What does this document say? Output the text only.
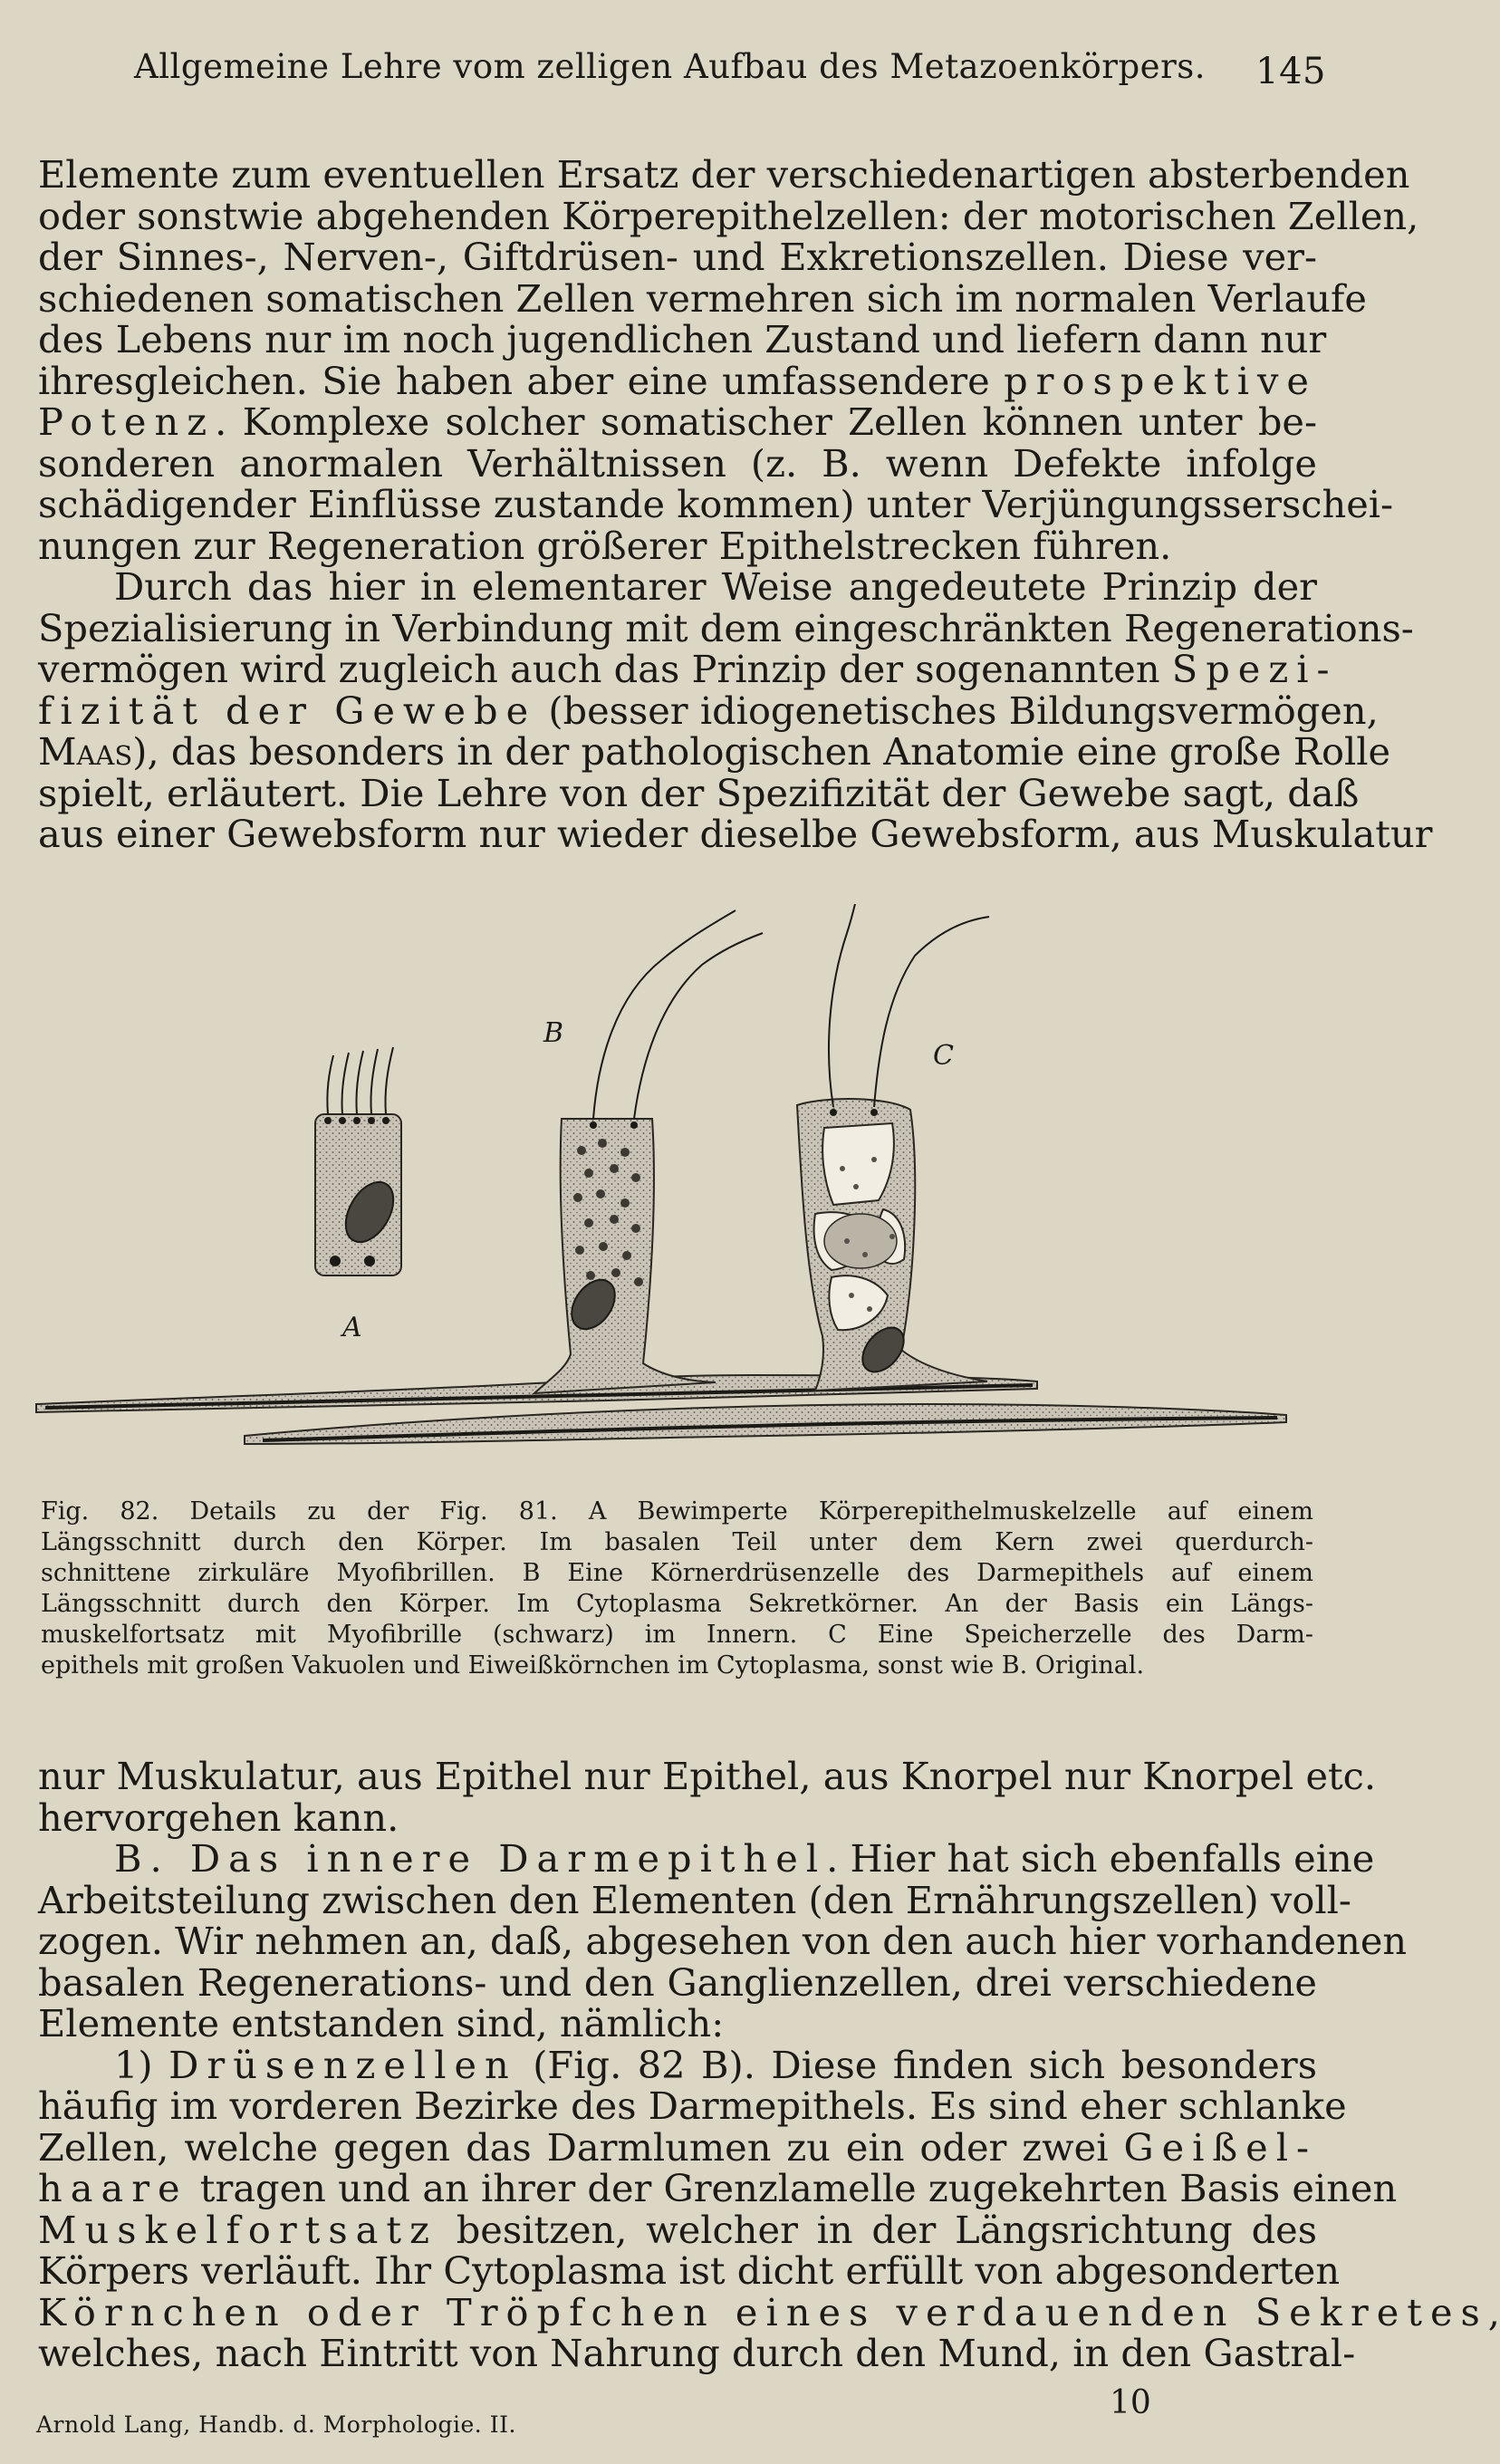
Allgemeine Lehre vom zelligen Aufbau des Metazoenkörpers. 145
Elemente zum eventuellen Ersatz der verschiedenartigen absterbenden
oder sonstwie abgehenden Körperepithelzellen: der motorischen Zellen,
der Sinnes-, Nerven-, Giftdrüsen- und Exkretionszellen. Diese ver-
schiedenen somatischen Zellen vermehren sich im normalen Verlaufe
des Lebens nur im noch jugendlichen Zustand und liefern dann nur
ihresgleichen. Sie haben aber eine umfassendere prospektive
Potenz. Komplexe solcher somatischer Zellen können unter be-
sonderen anormalen Verhältnissen (z. B. wenn Defekte infolge
schädigender Einflüsse zustande kommen) unter Verjüngungsserschei-
nungen zur Regeneration größerer Epithelstrecken führen.
Durch das hier in elementarer Weise angedeutete Prinzip der
Spezialisierung in Verbindung mit dem eingeschränkten Regenerations-
vermögen wird zugleich auch das Prinzip der sogenannten Spezi-
fizität der Gewebe (besser idiogenetisches Bildungsvermögen,
Maas), das besonders in der pathologischen Anatomie eine große Rolle
spielt, erläutert. Die Lehre von der Spezifizität der Gewebe sagt, daß
aus einer Gewebsform nur wieder dieselbe Gewebsform, aus Muskulatur
A
B
C
Fig. 82. Details zu der Fig. 81. A Bewimperte Körperepithelmuskelzelle auf einem
Längsschnitt durch den Körper. Im basalen Teil unter dem Kern zwei querdurch-
schnittene zirkuläre Myofibrillen. B Eine Körnerdrüsenzelle des Darmepithels auf einem
Längsschnitt durch den Körper. Im Cytoplasma Sekretkörner. An der Basis ein Längs-
muskelfortsatz mit Myofibrille (schwarz) im Innern. C Eine Speicherzelle des Darm-
epithels mit großen Vakuolen und Eiweißkörnchen im Cytoplasma, sonst wie B. Original.
nur Muskulatur, aus Epithel nur Epithel, aus Knorpel nur Knorpel etc.
hervorgehen kann.
B. Das innere Darmepithel. Hier hat sich ebenfalls eine
Arbeitsteilung zwischen den Elementen (den Ernährungszellen) voll-
zogen. Wir nehmen an, daß, abgesehen von den auch hier vorhandenen
basalen Regenerations- und den Ganglienzellen, drei verschiedene
Elemente entstanden sind, nämlich:
1) Drüsenzellen (Fig. 82 B). Diese finden sich besonders
häufig im vorderen Bezirke des Darmepithels. Es sind eher schlanke
Zellen, welche gegen das Darmlumen zu ein oder zwei Geißel-
haare tragen und an ihrer der Grenzlamelle zugekehrten Basis einen
Muskelfortsatz besitzen, welcher in der Längsrichtung des
Körpers verläuft. Ihr Cytoplasma ist dicht erfüllt von abgesonderten
Körnchen oder Tröpfchen eines verdauenden Sekretes,
welches, nach Eintritt von Nahrung durch den Mund, in den Gastral-
Arnold Lang, Handb. d. Morphologie. II.
10
